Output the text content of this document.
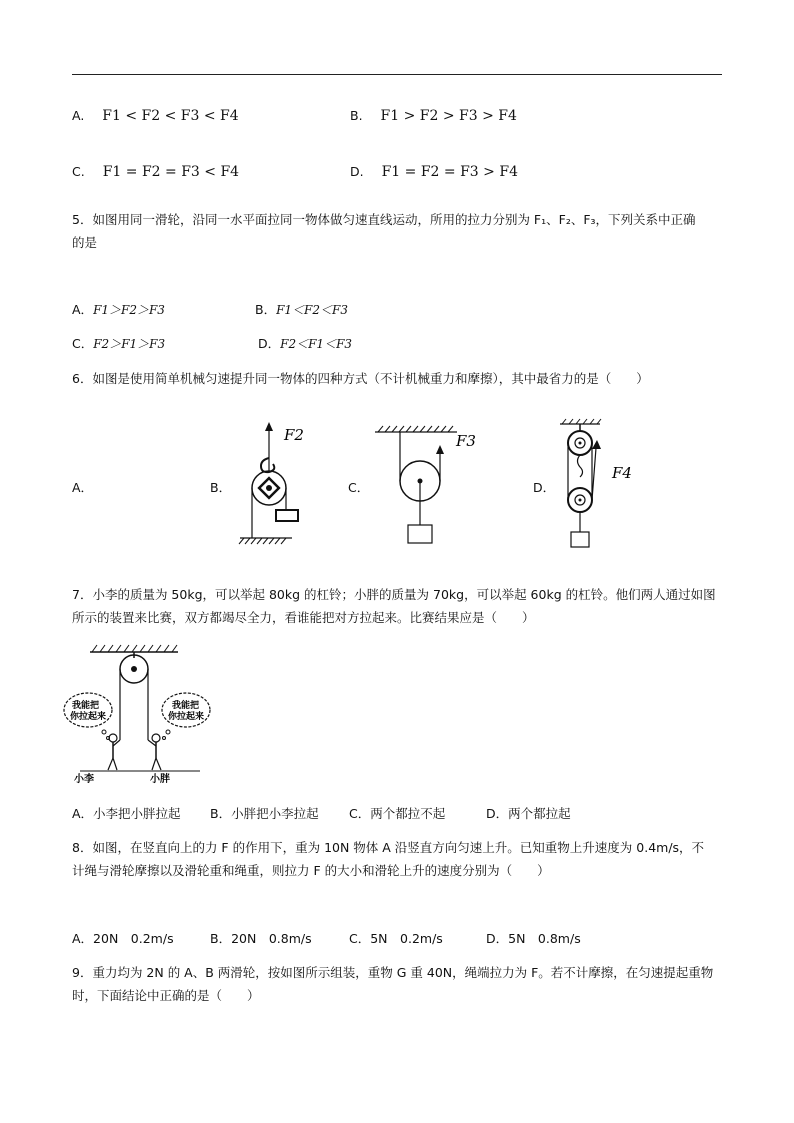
A. F1 < F2 < F3 < F4	B. F1 > F2 > F3 > F4
C. F1 = F2 = F3 < F4	D. F1 = F2 = F3 > F4
5．如图用同一滑轮，沿同一水平面拉同一物体做匀速直线运动，所用的拉力分别为 F₁、F₂、F₃，下列关系中正确
的是
A．F1＞F2＞F3	B．F1＜F2＜F3
C．F2＞F1＞F3	D．F2＜F1＜F3
6．如图是使用简单机械匀速提升同一物体的四种方式（不计机械重力和摩擦），其中最省力的是（　　）
A．	B．	C．	D．
F2	F3
F4
7．小李的质量为 50kg，可以举起 80kg 的杠铃；小胖的质量为 70kg，可以举起 60kg 的杠铃。他们两人通过如图
所示的装置来比赛，双方都竭尽全力，看谁能把对方拉起来。比赛结果应是（　　）
我能把
你拉起来
我能把
你拉起来
小李	小胖
A．小李把小胖拉起 B．小胖把小李拉起 C．两个都拉不起	D．两个都拉起
8．如图，在竖直向上的力 F 的作用下，重为 10N 物体 A 沿竖直方向匀速上升。已知重物上升速度为 0.4m/s，不
计绳与滑轮摩擦以及滑轮重和绳重，则拉力 F 的大小和滑轮上升的速度分别为（　　）
A．20N　0.2m/s	B．20N　0.8m/s	C．5N　0.2m/s	D．5N　0.8m/s
9．重力均为 2N 的 A、B 两滑轮，按如图所示组装，重物 G 重 40N，绳端拉力为 F。若不计摩擦，在匀速提起重物
时，下面结论中正确的是（　　）
